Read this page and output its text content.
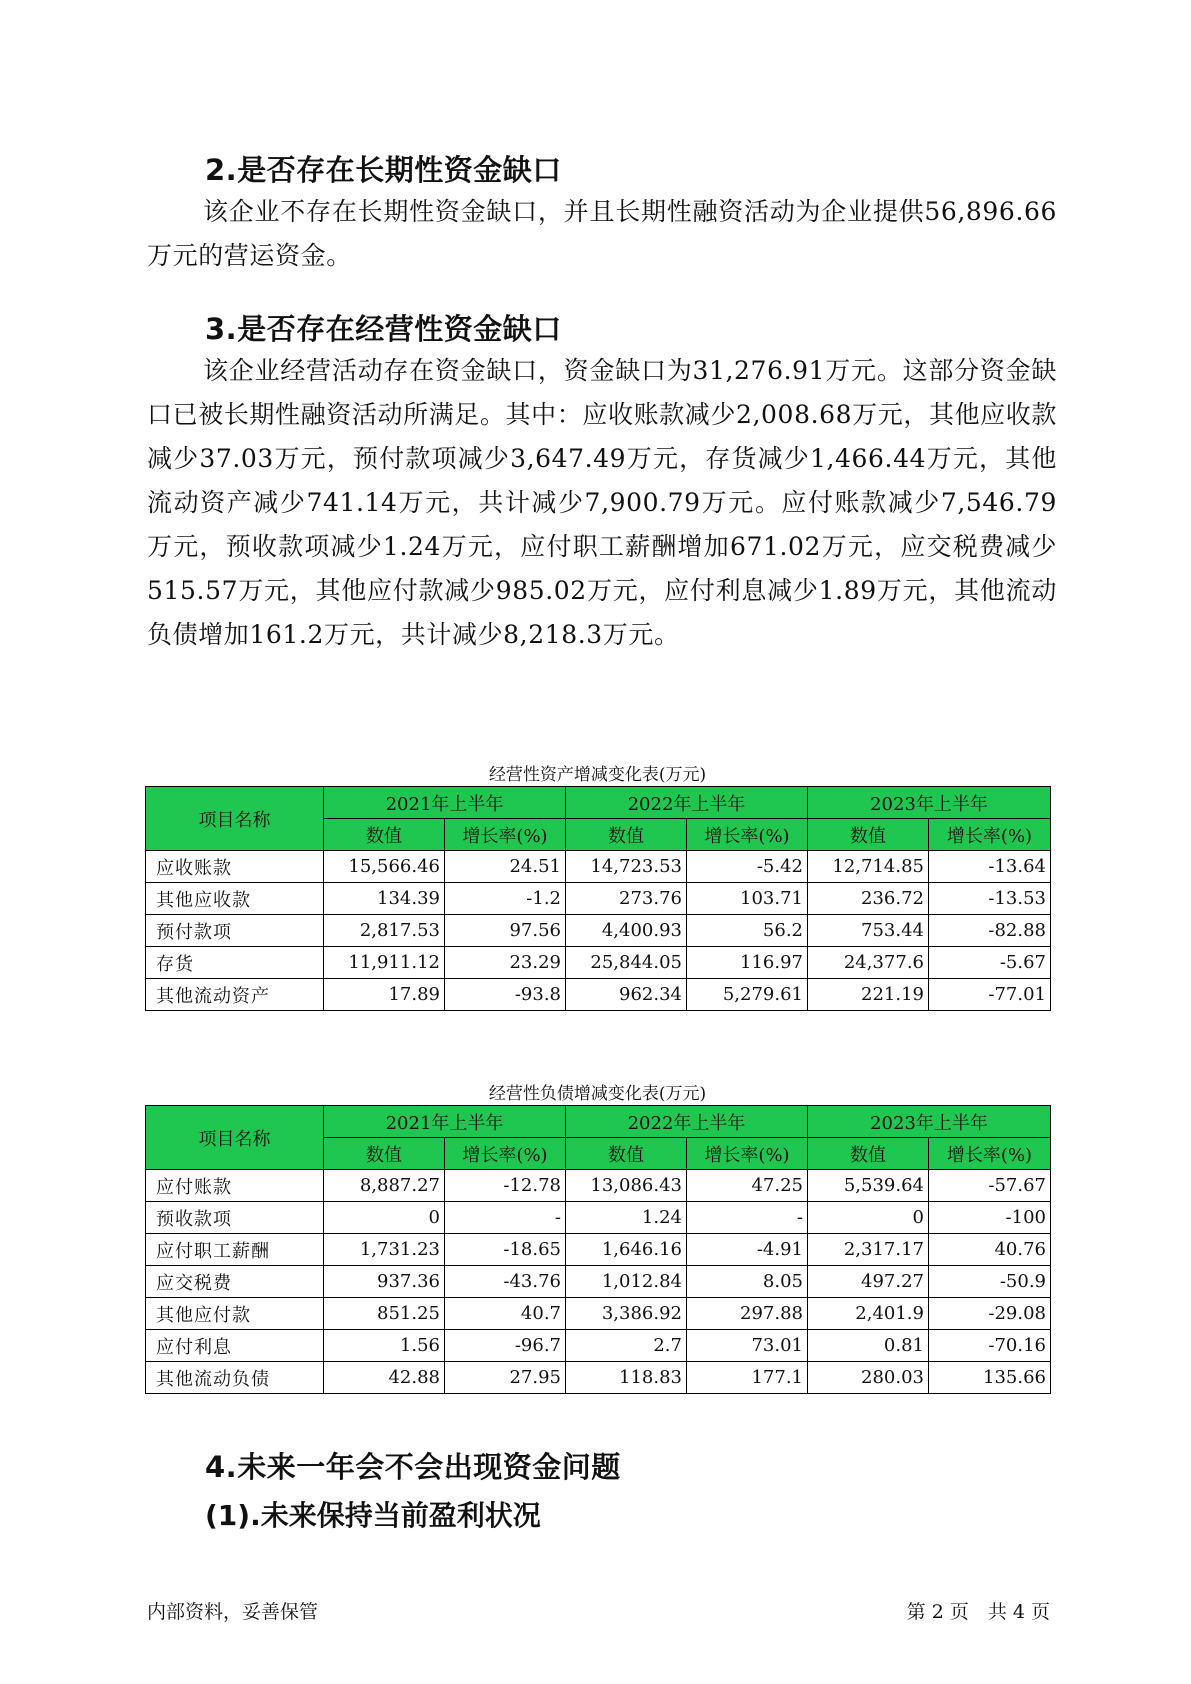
2.是否存在长期性资金缺口

该企业不存在长期性资金缺口，并且长期性融资活动为企业提供56,896.66万元的营运资金。

3.是否存在经营性资金缺口

该企业经营活动存在资金缺口，资金缺口为31,276.91万元。这部分资金缺口已被长期性融资活动所满足。其中：应收账款减少2,008.68万元，其他应收款减少37.03万元，预付款项减少3,647.49万元，存货减少1,466.44万元，其他流动资产减少741.14万元，共计减少7,900.79万元。应付账款减少7,546.79万元，预收款项减少1.24万元，应付职工薪酬增加671.02万元，应交税费减少515.57万元，其他应付款减少985.02万元，应付利息减少1.89万元，其他流动负债增加161.2万元，共计减少8,218.3万元。

经营性资产增减变化表(万元)
项目名称	2021年上半年		2022年上半年		2023年上半年	
	数值	增长率(%)	数值	增长率(%)	数值	增长率(%)
应收账款	15,566.46	24.51	14,723.53	-5.42	12,714.85	-13.64
其他应收款	134.39	-1.2	273.76	103.71	236.72	-13.53
预付款项	2,817.53	97.56	4,400.93	56.2	753.44	-82.88
存货	11,911.12	23.29	25,844.05	116.97	24,377.6	-5.67
其他流动资产	17.89	-93.8	962.34	5,279.61	221.19	-77.01
经营性负债增减变化表(万元)
项目名称	2021年上半年		2022年上半年		2023年上半年	
	数值	增长率(%)	数值	增长率(%)	数值	增长率(%)
应付账款	8,887.27	-12.78	13,086.43	47.25	5,539.64	-57.67
预收款项	0	-	1.24	-	0	-100
应付职工薪酬	1,731.23	-18.65	1,646.16	-4.91	2,317.17	40.76
应交税费	937.36	-43.76	1,012.84	8.05	497.27	-50.9
其他应付款	851.25	40.7	3,386.92	297.88	2,401.9	-29.08
应付利息	1.56	-96.7	2.7	73.01	0.81	-70.16
其他流动负债	42.88	27.95	118.83	177.1	280.03	135.66
4.未来一年会不会出现资金问题
(1).未来保持当前盈利状况
内部资料，妥善保管	第 2 页　共 4 页
